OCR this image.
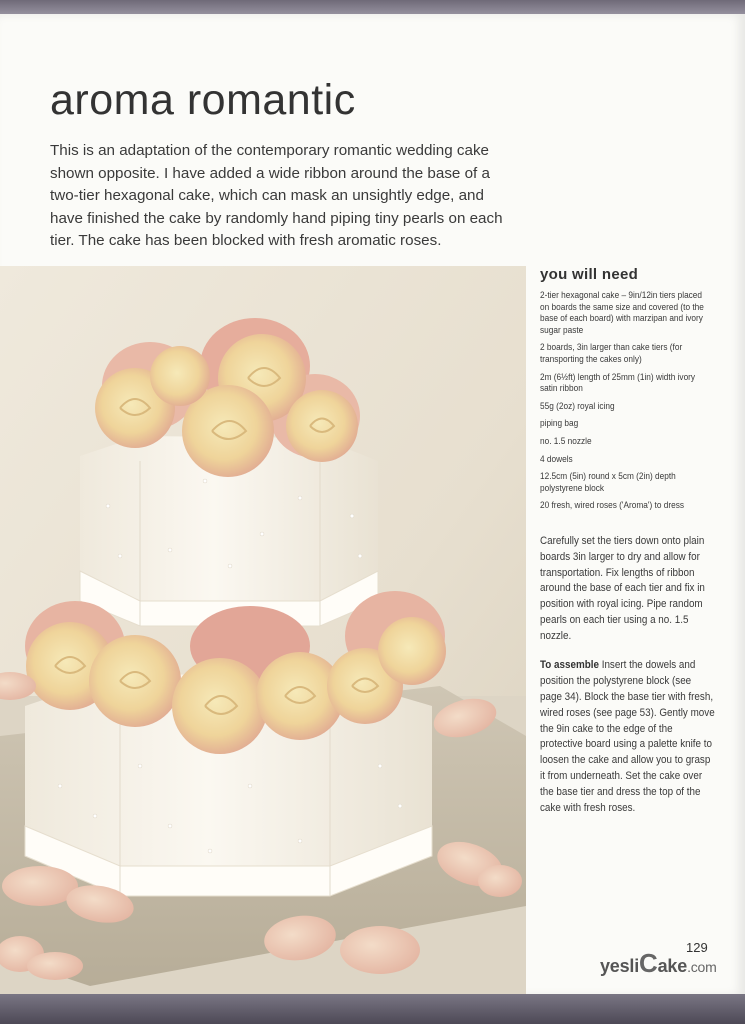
aroma romantic

This is an adaptation of the contemporary romantic wedding cake shown opposite. I have added a wide ribbon around the base of a two-tier hexagonal cake, which can mask an unsightly edge, and have finished the cake by randomly hand piping tiny pearls on each tier. The cake has been blocked with fresh aromatic roses.

you will need
2-tier hexagonal cake – 9in/12in tiers placed on boards the same size and covered (to the base of each board) with marzipan and ivory sugar paste
2 boards, 3in larger than cake tiers (for transporting the cakes only)
2m (6½ft) length of 25mm (1in) width ivory satin ribbon
55g (2oz) royal icing
piping bag
no. 1.5 nozzle
4 dowels
12.5cm (5in) round x 5cm (2in) depth polystyrene block
20 fresh, wired roses ('Aroma') to dress

Carefully set the tiers down onto plain boards 3in larger to dry and allow for transportation. Fix lengths of ribbon around the base of each tier and fix in position with royal icing. Pipe random pearls on each tier using a no. 1.5 nozzle.

To assemble Insert the dowels and position the polystyrene block (see page 34). Block the base tier with fresh, wired roses (see page 53). Gently move the 9in cake to the edge of the protective board using a palette knife to loosen the cake and allow you to grasp it from underneath. Set the cake over the base tier and dress the top of the cake with fresh roses.

129
yesliCake.com
